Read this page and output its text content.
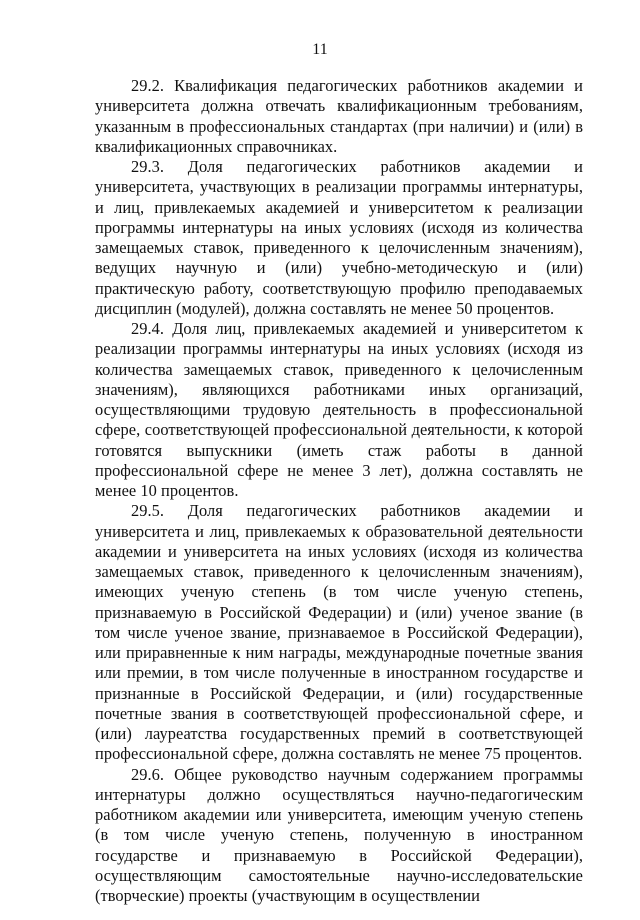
11

29.2. Квалификация педагогических работников академии и университета должна отвечать квалификационным требованиям, указанным в профессиональных стандартах (при наличии) и (или) в квалификационных справочниках.

29.3. Доля педагогических работников академии и университета, участвующих в реализации программы интернатуры, и лиц, привлекаемых академией и университетом к реализации программы интернатуры на иных условиях (исходя из количества замещаемых ставок, приведенного к целочисленным значениям), ведущих научную и (или) учебно-методическую и (или) практическую работу, соответствующую профилю преподаваемых дисциплин (модулей), должна составлять не менее 50 процентов.

29.4. Доля лиц, привлекаемых академией и университетом к реализации программы интернатуры на иных условиях (исходя из количества замещаемых ставок, приведенного к целочисленным значениям), являющихся работниками иных организаций, осуществляющими трудовую деятельность в профессиональной сфере, соответствующей профессиональной деятельности, к которой готовятся выпускники (иметь стаж работы в данной профессиональной сфере не менее 3 лет), должна составлять не менее 10 процентов.

29.5. Доля педагогических работников академии и университета и лиц, привлекаемых к образовательной деятельности академии и университета на иных условиях (исходя из количества замещаемых ставок, приведенного к целочисленным значениям), имеющих ученую степень (в том числе ученую степень, признаваемую в Российской Федерации) и (или) ученое звание (в том числе ученое звание, признаваемое в Российской Федерации), или приравненные к ним награды, международные почетные звания или премии, в том числе полученные в иностранном государстве и признанные в Российской Федерации, и (или) государственные почетные звания в соответствующей профессиональной сфере, и (или) лауреатства государственных премий в соответствующей профессиональной сфере, должна составлять не менее 75 процентов.

29.6. Общее руководство научным содержанием программы интернатуры должно осуществляться научно-педагогическим работником академии или университета, имеющим ученую степень (в том числе ученую степень, полученную в иностранном государстве и признаваемую в Российской Федерации), осуществляющим самостоятельные научно-исследовательские (творческие) проекты (участвующим в осуществлении
